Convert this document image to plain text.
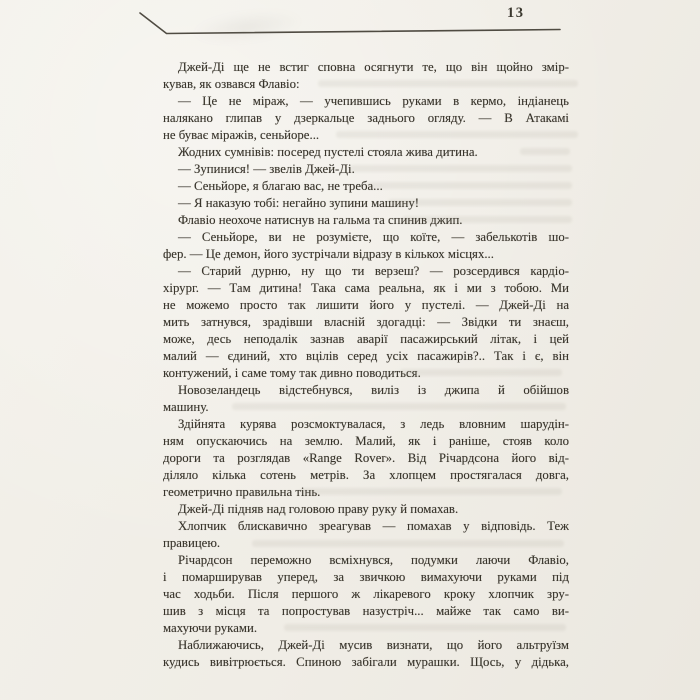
13
Джей-Ді ще не встиг сповна осягнути те, що він щойно змір-
кував, як озвався Флавіо:
— Це не міраж, — учепившись руками в кермо, індіанець
налякано глипав у дзеркальце заднього огляду. — В Атакамі
не буває міражів, сеньйоре...
Жодних сумнівів: посеред пустелі стояла жива дитина.
— Зупинися! — звелів Джей-Ді.
— Сеньйоре, я благаю вас, не треба...
— Я наказую тобі: негайно зупини машину!
Флавіо неохоче натиснув на гальма та спинив джип.
— Сеньйоре, ви не розумієте, що коїте, — забелькотів шо-
фер. — Це демон, його зустрічали відразу в кількох місцях...
— Старий дурню, ну що ти верзеш? — розсердився кардіо-
хірург. — Там дитина! Така сама реальна, як і ми з тобою. Ми
не можемо просто так лишити його у пустелі. — Джей-Ді на
мить затнувся, зрадівши власній здогадці: — Звідки ти знаєш,
може, десь неподалік зазнав аварії пасажирський літак, і цей
малий — єдиний, хто вцілів серед усіх пасажирів?.. Так і є, він
контужений, і саме тому так дивно поводиться.
Новозеландець відстебнувся, виліз із джипа й обійшов
машину.
Здійнята курява розсмоктувалася, з ледь вловним шарудін-
ням опускаючись на землю. Малий, як і раніше, стояв коло
дороги та розглядав «Range Rover». Від Річардсона його від-
діляло кілька сотень метрів. За хлопцем простягалася довга,
геометрично правильна тінь.
Джей-Ді підняв над головою праву руку й помахав.
Хлопчик блискавично зреагував — помахав у відповідь. Теж
правицею.
Річардсон переможно всміхнувся, подумки лаючи Флавіо,
і помарширував уперед, за звичкою вимахуючи руками під
час ходьби. Після першого ж лікаревого кроку хлопчик зру-
шив з місця та попростував назустріч... майже так само ви-
махуючи руками.
Наближаючись, Джей-Ді мусив визнати, що його альтруїзм
кудись вивітрюється. Спиною забігали мурашки. Щось, у дідька,
